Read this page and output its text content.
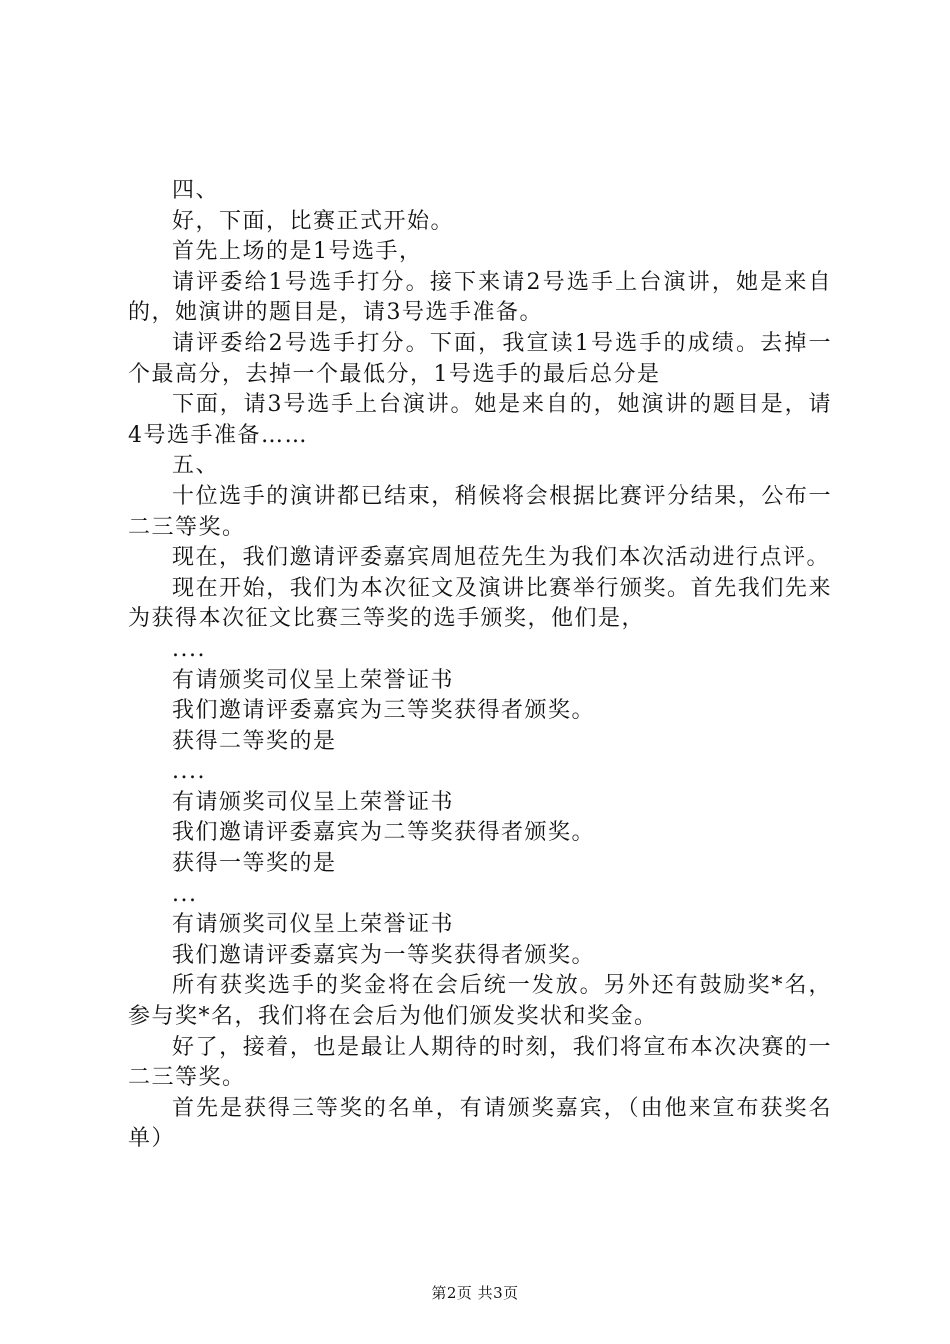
四、

好，下面，比赛正式开始。

首先上场的是1号选手，

请评委给1号选手打分。接下来请2号选手上台演讲，她是来自的，她演讲的题目是，请3号选手准备。

请评委给2号选手打分。下面，我宣读1号选手的成绩。去掉一个最高分，去掉一个最低分，1号选手的最后总分是

下面，请3号选手上台演讲。她是来自的，她演讲的题目是，请4号选手准备……

五、

十位选手的演讲都已结束，稍候将会根据比赛评分结果，公布一二三等奖。

现在，我们邀请评委嘉宾周旭莅先生为我们本次活动进行点评。

现在开始，我们为本次征文及演讲比赛举行颁奖。首先我们先来为获得本次征文比赛三等奖的选手颁奖，他们是，

....

有请颁奖司仪呈上荣誉证书

我们邀请评委嘉宾为三等奖获得者颁奖。

获得二等奖的是

....

有请颁奖司仪呈上荣誉证书

我们邀请评委嘉宾为二等奖获得者颁奖。

获得一等奖的是

...

有请颁奖司仪呈上荣誉证书

我们邀请评委嘉宾为一等奖获得者颁奖。

所有获奖选手的奖金将在会后统一发放。另外还有鼓励奖*名，参与奖*名，我们将在会后为他们颁发奖状和奖金。

好了，接着，也是最让人期待的时刻，我们将宣布本次决赛的一二三等奖。

首先是获得三等奖的名单，有请颁奖嘉宾，（由他来宣布获奖名单）

第2页 共3页
